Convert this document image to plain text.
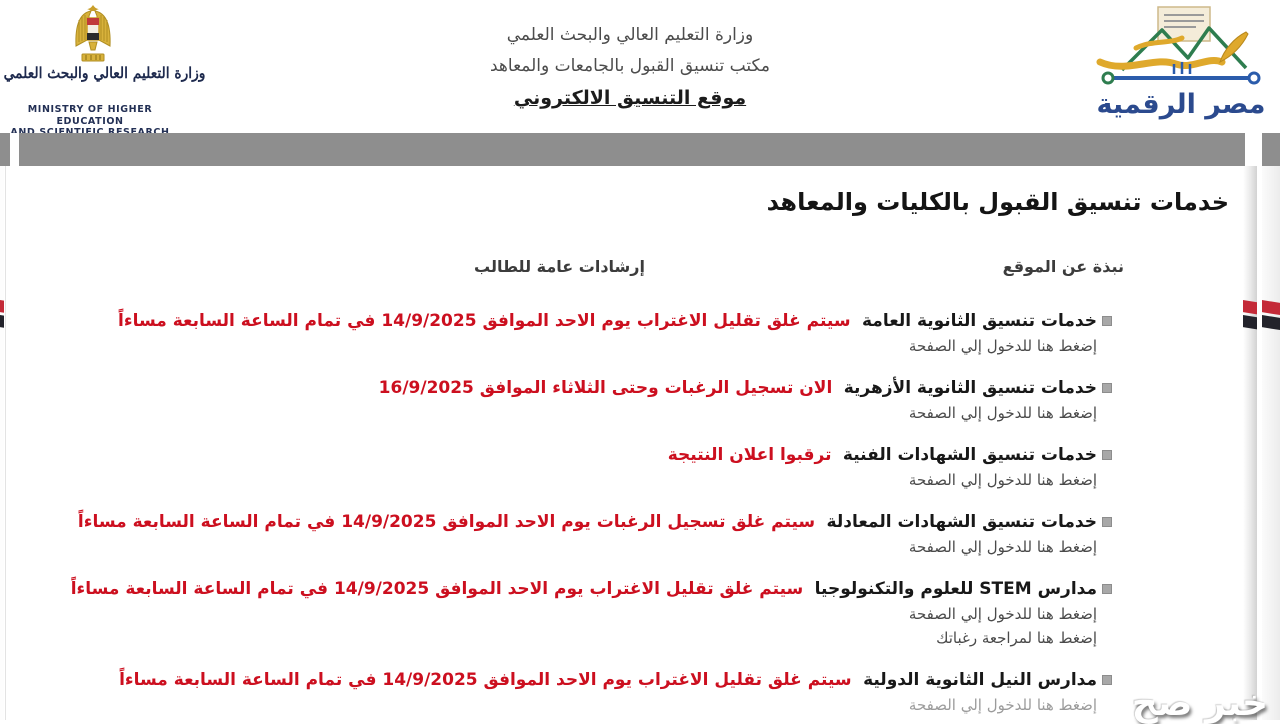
وزارة التعليم العالي والبحث العلمي
MINISTRY OF HIGHER EDUCATION
وزارة التعليم العالي والبحث العلمي
مكتب تنسيق القبول بالجامعات والمعاهد
موقع التنسيق الالكتروني	مصر الرقمية
خدمات تنسيق القبول بالكليات والمعاهد
نبذة عن الموقع
إرشادات عامة للطالب
خدمات تنسيق الثانوية العامة سيتم غلق تقليل الاغتراب يوم الاحد الموافق 14/9/2025 في تمام الساعة السابعة مساءاً
إضغط هنا للدخول إلي الصفحة
خدمات تنسيق الثانوية الأزهرية الان تسجيل الرغبات وحتى الثلاثاء الموافق 16/9/2025
إضغط هنا للدخول إلي الصفحة
خدمات تنسيق الشهادات الفنية ترقبوا اعلان النتيجة
إضغط هنا للدخول إلي الصفحة
خدمات تنسيق الشهادات المعادلة سيتم غلق تسجيل الرغبات يوم الاحد الموافق 14/9/2025 في تمام الساعة السابعة مساءاً
إضغط هنا للدخول إلي الصفحة
مدارس STEM للعلوم والتكنولوجيا سيتم غلق تقليل الاغتراب يوم الاحد الموافق 14/9/2025 في تمام الساعة السابعة مساءاً
إضغط هنا للدخول إلي الصفحة
إضغط هنا لمراجعة رغباتك
مدارس النيل الثانوية الدولية سيتم غلق تقليل الاغتراب يوم الاحد الموافق 14/9/2025 في تمام الساعة السابعة مساءاً
إضغط هنا للدخول إلي الصفحة خبر صح
